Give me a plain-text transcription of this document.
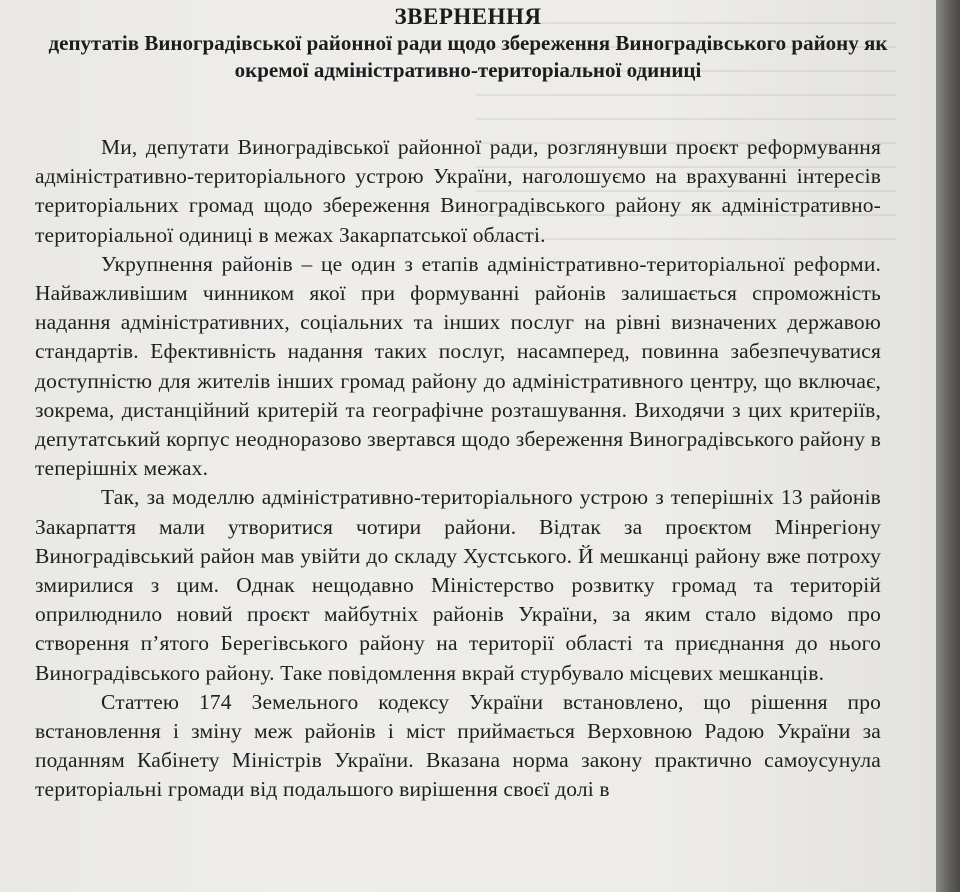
ЗВЕРНЕННЯ
депутатів Виноградівської районної ради щодо збереження Виноградівського району як окремої адміністративно-територіальної одиниці

Ми, депутати Виноградівської районної ради, розглянувши проєкт реформування адміністративно-територіального устрою України, наголошуємо на врахуванні інтересів територіальних громад щодо збереження Виноградівського району як адміністративно-територіальної одиниці в межах Закарпатської області.

Укрупнення районів – це один з етапів адміністративно-територіальної реформи. Найважливішим чинником якої при формуванні районів залишається спроможність надання адміністративних, соціальних та інших послуг на рівні визначених державою стандартів. Ефективність надання таких послуг, насамперед, повинна забезпечуватися доступністю для жителів інших громад району до адміністративного центру, що включає, зокрема, дистанційний критерій та географічне розташування. Виходячи з цих критеріїв, депутатський корпус неодноразово звертався щодо збереження Виноградівського району в теперішніх межах.

Так, за моделлю адміністративно-територіального устрою з теперішніх 13 районів Закарпаття мали утворитися чотири райони. Відтак за проєктом Мінрегіону Виноградівський район мав увійти до складу Хустського. Й мешканці району вже потроху змирилися з цим. Однак нещодавно Міністерство розвитку громад та територій оприлюднило новий проєкт майбутніх районів України, за яким стало відомо про створення п’ятого Берегівського району на території області та приєднання до нього Виноградівського району. Таке повідомлення вкрай стурбувало місцевих мешканців.

Статтею 174 Земельного кодексу України встановлено, що рішення про встановлення і зміну меж районів і міст приймається Верховною Радою України за поданням Кабінету Міністрів України. Вказана норма закону практично самоусунула територіальні громади від подальшого вирішення своєї долі в
